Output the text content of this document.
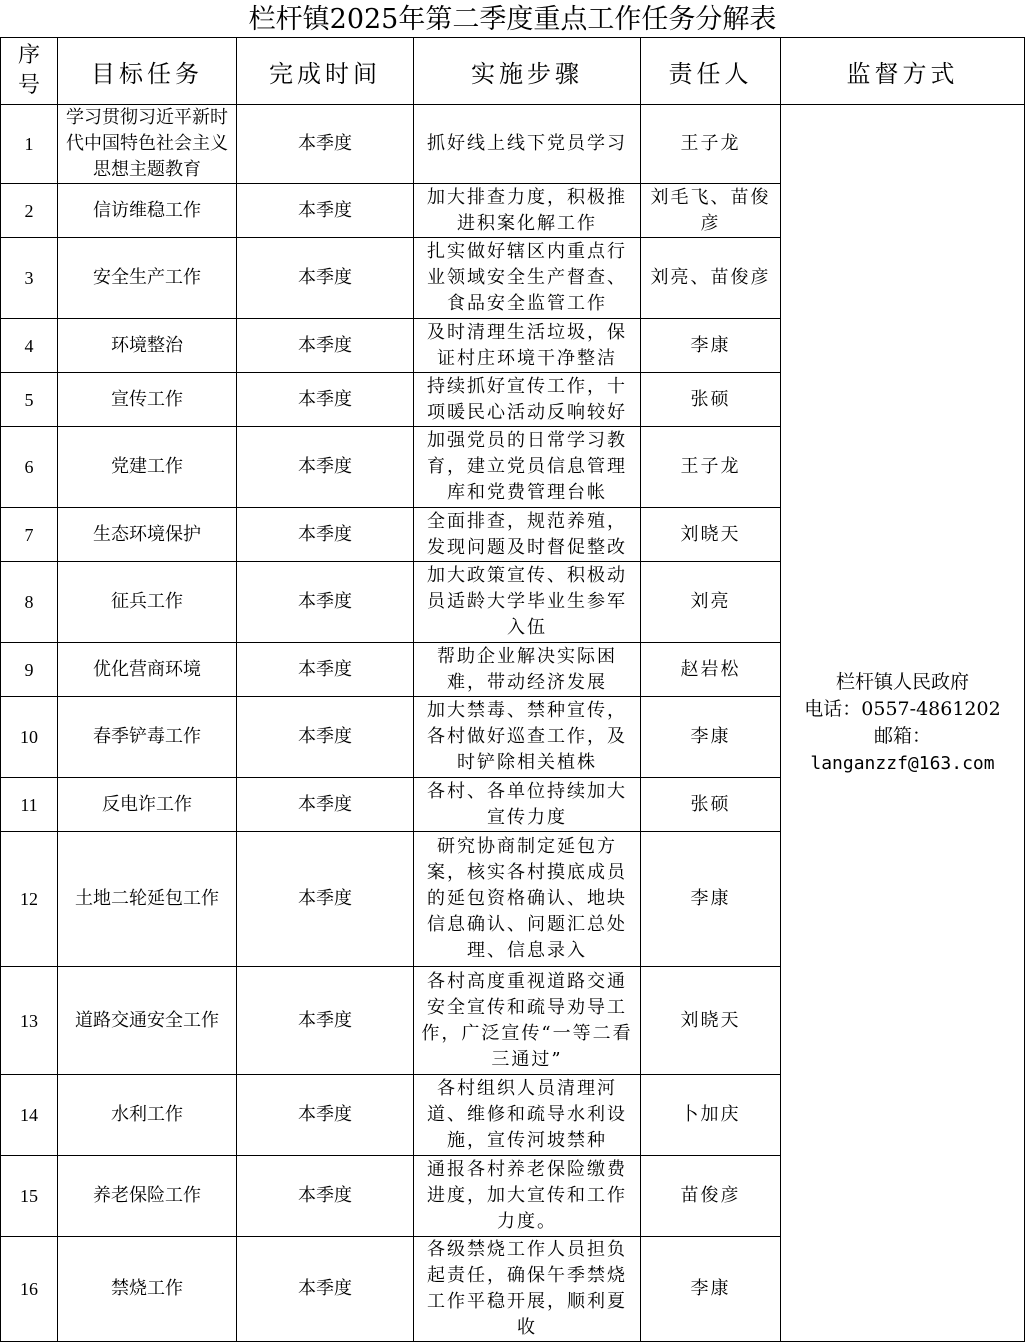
栏杆镇2025年第二季度重点工作任务分解表
序号	目标任务	完成时间	实施步骤	责任人	监督方式
1	学习贯彻习近平新时代中国特色社会主义思想主题教育	本季度	抓好线上线下党员学习	王子龙	栏杆镇人民政府
电话：0557-4861202
邮箱：
langanzzf@163.com

2	信访维稳工作	本季度	加大排查力度，积极推进积案化解工作	刘毛飞、苗俊彦	
3	安全生产工作	本季度	扎实做好辖区内重点行业领域安全生产督查、食品安全监管工作	刘亮、苗俊彦	
4	环境整治	本季度	及时清理生活垃圾，保证村庄环境干净整洁	李康	
5	宣传工作	本季度	持续抓好宣传工作，十项暖民心活动反响较好	张硕	
6	党建工作	本季度	加强党员的日常学习教育，建立党员信息管理库和党费管理台帐	王子龙	
7	生态环境保护	本季度	全面排查，规范养殖，发现问题及时督促整改	刘晓天	
8	征兵工作	本季度	加大政策宣传、积极动员适龄大学毕业生参军入伍	刘亮	
9	优化营商环境	本季度	帮助企业解决实际困难，带动经济发展	赵岩松	
10	春季铲毒工作	本季度	加大禁毒、禁种宣传，各村做好巡查工作，及时铲除相关植株	李康	
11	反电诈工作	本季度	各村、各单位持续加大宣传力度	张硕	
12	土地二轮延包工作	本季度	研究协商制定延包方案，核实各村摸底成员的延包资格确认、地块信息确认、问题汇总处理、信息录入	李康	
13	道路交通安全工作	本季度	各村高度重视道路交通安全宣传和疏导劝导工作，广泛宣传“一等二看三通过”	刘晓天	
14	水利工作	本季度	各村组织人员清理河道、维修和疏导水利设施，宣传河坡禁种	卜加庆	
15	养老保险工作	本季度	通报各村养老保险缴费进度，加大宣传和工作力度。	苗俊彦	
16	禁烧工作	本季度	各级禁烧工作人员担负起责任，确保午季禁烧工作平稳开展，顺利夏收	李康	
